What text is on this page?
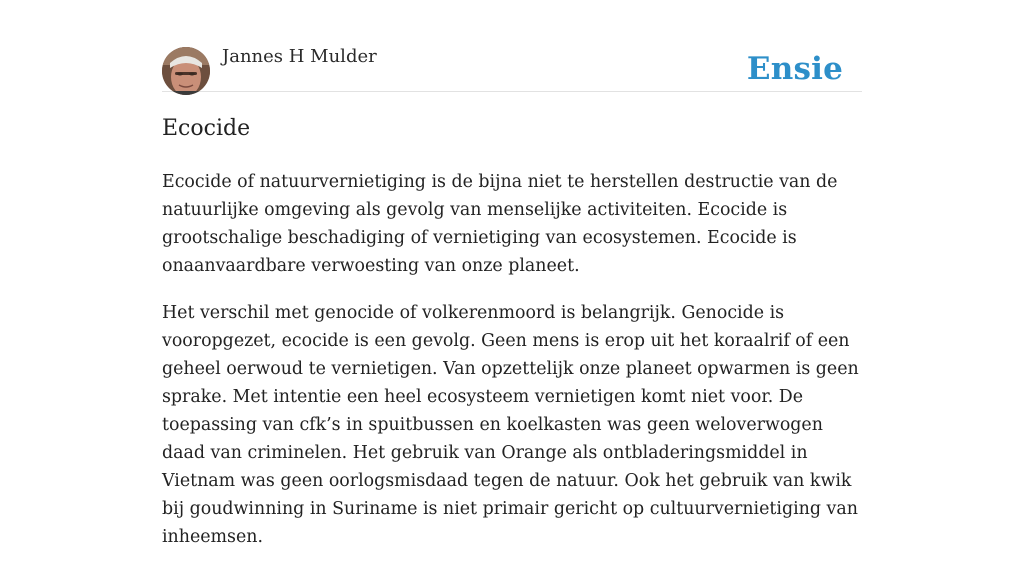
Jannes H Mulder	Ensie
Ecocide

Ecocide of natuurvernietiging is de bijna niet te herstellen destructie van de natuurlijke omgeving als gevolg van menselijke activiteiten. Ecocide is grootschalige beschadiging of vernietiging van ecosystemen. Ecocide is onaanvaardbare verwoesting van onze planeet.

Het verschil met genocide of volkerenmoord is belangrijk. Genocide is vooropgezet, ecocide is een gevolg. Geen mens is erop uit het koraalrif of een geheel oerwoud te vernietigen. Van opzettelijk onze planeet opwarmen is geen sprake. Met intentie een heel ecosysteem vernietigen komt niet voor. De toepassing van cfk’s in spuitbussen en koelkasten was geen weloverwogen daad van criminelen. Het gebruik van Orange als ontbladeringsmiddel in Vietnam was geen oorlogsmisdaad tegen de natuur. Ook het gebruik van kwik bij goudwinning in Suriname is niet primair gericht op cultuurvernietiging van inheemsen.
